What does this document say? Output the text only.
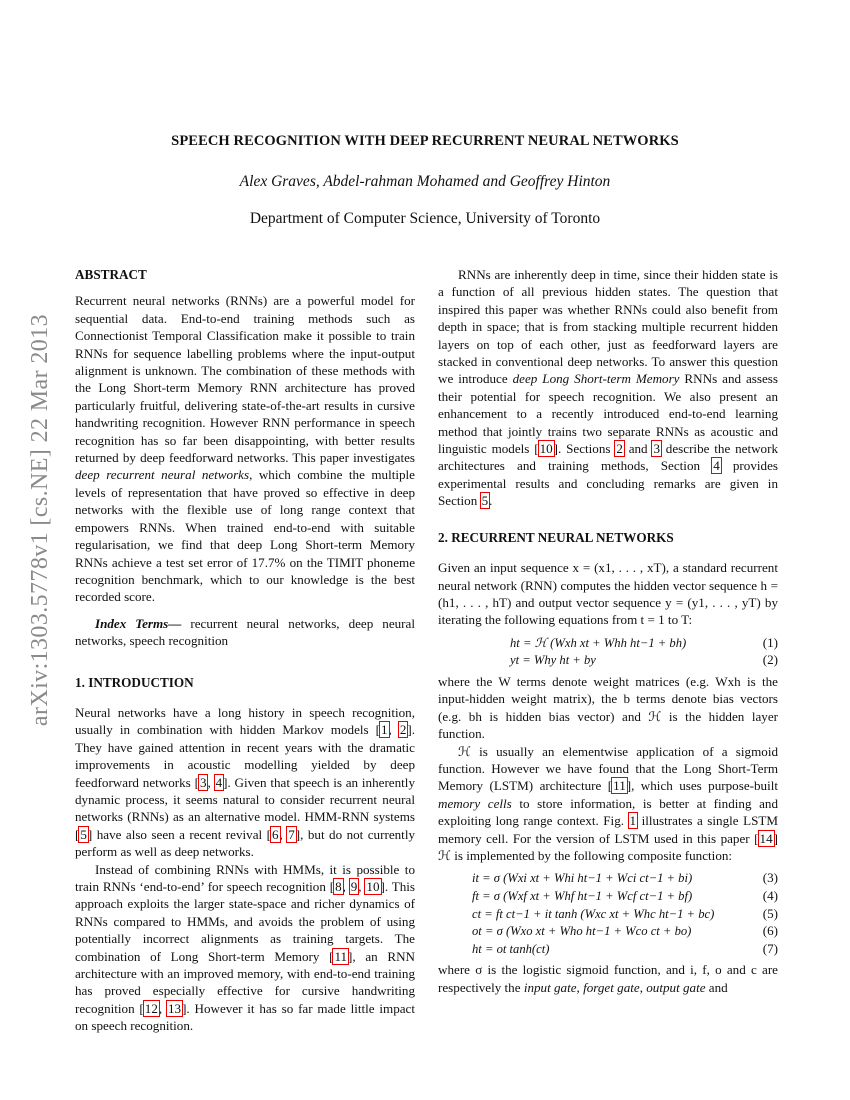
arXiv:1303.5778v1 [cs.NE] 22 Mar 2013
SPEECH RECOGNITION WITH DEEP RECURRENT NEURAL NETWORKS
Alex Graves, Abdel-rahman Mohamed and Geoffrey Hinton
Department of Computer Science, University of Toronto

ABSTRACT

Recurrent neural networks (RNNs) are a powerful model for sequential data. End-to-end training methods such as Connectionist Temporal Classification make it possible to train RNNs for sequence labelling problems where the input-output alignment is unknown. The combination of these methods with the Long Short-term Memory RNN architecture has proved particularly fruitful, delivering state-of-the-art results in cursive handwriting recognition. However RNN performance in speech recognition has so far been disappointing, with better results returned by deep feedforward networks. This paper investigates deep recurrent neural networks, which combine the multiple levels of representation that have proved so effective in deep networks with the flexible use of long range context that empowers RNNs. When trained end-to-end with suitable regularisation, we find that deep Long Short-term Memory RNNs achieve a test set error of 17.7% on the TIMIT phoneme recognition benchmark, which to our knowledge is the best recorded score.

Index Terms— recurrent neural networks, deep neural networks, speech recognition

1. INTRODUCTION

Neural networks have a long history in speech recognition, usually in combination with hidden Markov models [1, 2]. They have gained attention in recent years with the dramatic improvements in acoustic modelling yielded by deep feedforward networks [3, 4]. Given that speech is an inherently dynamic process, it seems natural to consider recurrent neural networks (RNNs) as an alternative model. HMM-RNN systems [5] have also seen a recent revival [6, 7], but do not currently perform as well as deep networks.

Instead of combining RNNs with HMMs, it is possible to train RNNs ‘end-to-end’ for speech recognition [8, 9, 10]. This approach exploits the larger state-space and richer dynamics of RNNs compared to HMMs, and avoids the problem of using potentially incorrect alignments as training targets. The combination of Long Short-term Memory [11], an RNN architecture with an improved memory, with end-to-end training has proved especially effective for cursive handwriting recognition [12, 13]. However it has so far made little impact on speech recognition.

RNNs are inherently deep in time, since their hidden state is a function of all previous hidden states. The question that inspired this paper was whether RNNs could also benefit from depth in space; that is from stacking multiple recurrent hidden layers on top of each other, just as feedforward layers are stacked in conventional deep networks. To answer this question we introduce deep Long Short-term Memory RNNs and assess their potential for speech recognition. We also present an enhancement to a recently introduced end-to-end learning method that jointly trains two separate RNNs as acoustic and linguistic models [10]. Sections 2 and 3 describe the network architectures and training methods, Section 4 provides experimental results and concluding remarks are given in Section 5.

2. RECURRENT NEURAL NETWORKS

Given an input sequence x = (x1, . . . , xT), a standard recurrent neural network (RNN) computes the hidden vector sequence h = (h1, . . . , hT) and output vector sequence y = (y1, . . . , yT) by iterating the following equations from t = 1 to T:

ht = ℋ (Wxh xt + Whh ht−1 + bh)	(1)
yt = Why ht + by	(2)

where the W terms denote weight matrices (e.g. Wxh is the input-hidden weight matrix), the b terms denote bias vectors (e.g. bh is hidden bias vector) and ℋ is the hidden layer function.

ℋ is usually an elementwise application of a sigmoid function. However we have found that the Long Short-Term Memory (LSTM) architecture [11], which uses purpose-built memory cells to store information, is better at finding and exploiting long range context. Fig. 1 illustrates a single LSTM memory cell. For the version of LSTM used in this paper [14] ℋ is implemented by the following composite function:

it = σ (Wxi xt + Whi ht−1 + Wci ct−1 + bi)	(3)
ft = σ (Wxf xt + Whf ht−1 + Wcf ct−1 + bf)	(4)
ct = ft ct−1 + it tanh (Wxc xt + Whc ht−1 + bc)	(5)
ot = σ (Wxo xt + Who ht−1 + Wco ct + bo)	(6)
ht = ot tanh(ct)	(7)

where σ is the logistic sigmoid function, and i, f, o and c are respectively the input gate, forget gate, output gate and
